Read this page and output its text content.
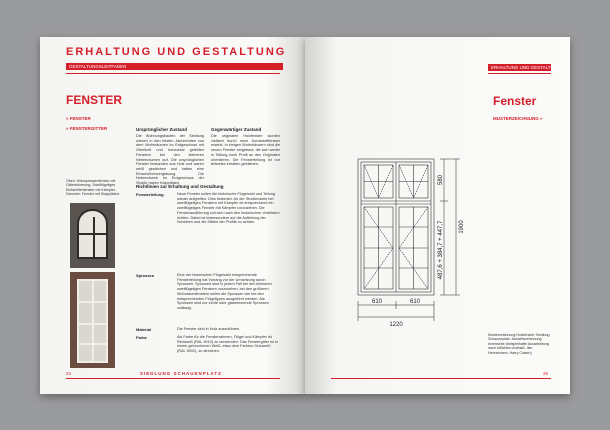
ERHALTUNG UND GESTALTUNG
GESTALTUNGSLEITFADEN
FENSTER
» FENSTER
» FENSTERGITTER
Oben: Holzsprossenfenster mit Gittersicherung. Zweiflügeliges Einfamilienfenster mit Kämpfer. Darunter: Fenster mit Klappläden.
Ursprünglicher Zustand
Die Wohnungsbauten der Siedlung wiesen in den letzten Jahrzehnten von dem Wohnräumen im Erdgeschoss mit Oberlicht und horizontal geteilten Fenstern bei den kleineren Nebenräumen auf. Die ursprünglichen Fenster bestanden aus Holz und waren weiß gestrichen und hatten eine Einscheibenverglasung. Die Nebenräume im Erdgeschoss der Straße haben Klappläden.
Gegenwärtiger Zustand
Die originalen Holzfenster wurden vielfach durch neue Kunststofffenster ersetzt. In einigen Wohnhäusern sind die neuen Fenster eingebaut, die sich weder in Teilung noch Profil an den Originalen orientieren. Die Fensterteilung ist nur teilweise erhalten geblieben.
Richtlinien zur Erhaltung und Gestaltung
Fensterteilung	Neue Fenster sollen die historische Flügelzahl und Teilung wieder aufgreifen. Dies bedeutet: An der Straßenseite bei zweiflügeligen Fenstern mit Kämpfer ist entsprechend ein zweiflügeliges Fenster mit Kämpfer vorzusehen. Die Fensterausführung soll sich nach den historischen Vorbildern richten. Dabei ist insbesondere auf die Aufteilung der Scheiben und die Stärke der Profile zu achten.
Sprossen	Eine der historischen Flügelzahl entsprechende Fensterteilung hat Vorrang vor der Umsetzung durch Sprossen. Sprossen sind in jedem Fall bei den kleineren zweiflügeligen Fenstern vorzusehen, bei den größeren Wohnraumfenstern sollen die Sprossen wie bei den entsprechenden Flügeltypen ausgeführt werden. Als Sprossen sind nur echte oder glastrennende Sprossen zulässig.
Material	Die Fenster sind in Holz auszuführen.
Farbe	Als Farbe für die Fensterrahmen, Flügel und Kämpfer ist Reinweiß (RAL 9010) zu verwenden. Das Fenstergitter ist in einem gebrochenen Weiß, etwa dem Farbton Grauweiß (RAL 9002), zu streichen.
24	SIEDLUNG SCHAUENPLATZ
ERHALTUNG UND GESTALTUNG
Fenster
MUSTERZEICHNUNG »
610	610
1220
580
487,6 + 384,7 + 447,7	1900
Musterzeichnung Holzfenster Siedlung Schauenplatz: Ansichtszeichnung Innenseite (beispielhafte Ausarbeitung nach örtlichem Aufmaß, Ilse Hennemann, Harry Clasen)
25
